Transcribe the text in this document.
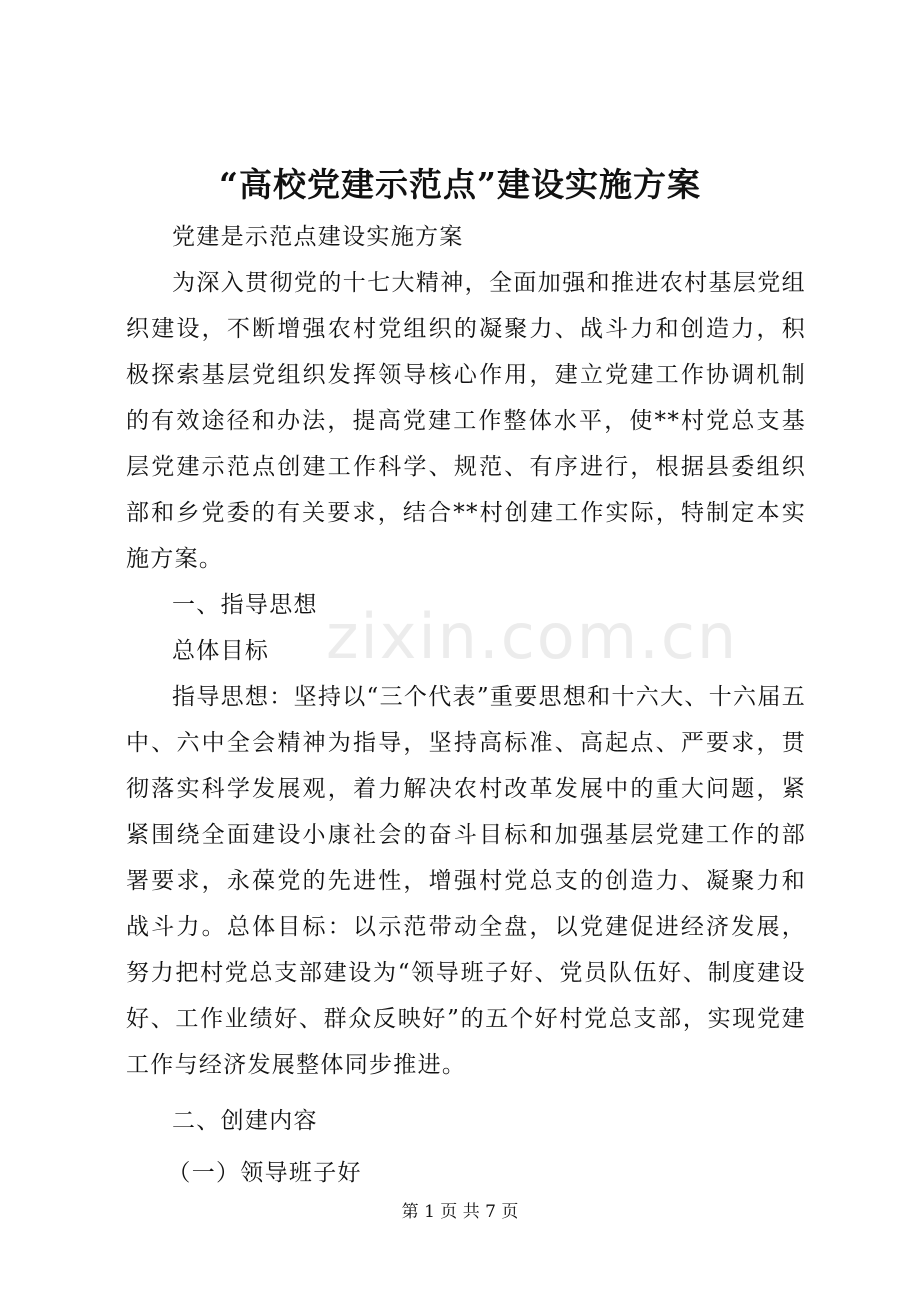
zixin.com.cn
“高校党建示范点”建设实施方案

党建是示范点建设实施方案

为深入贯彻党的十七大精神，全面加强和推进农村基层党组织建设，不断增强农村党组织的凝聚力、战斗力和创造力，积极探索基层党组织发挥领导核心作用，建立党建工作协调机制的有效途径和办法，提高党建工作整体水平，使**村党总支基层党建示范点创建工作科学、规范、有序进行，根据县委组织部和乡党委的有关要求，结合**村创建工作实际，特制定本实施方案。

一、指导思想

总体目标

指导思想：坚持以“三个代表”重要思想和十六大、十六届五中、六中全会精神为指导，坚持高标准、高起点、严要求，贯彻落实科学发展观，着力解决农村改革发展中的重大问题，紧紧围绕全面建设小康社会的奋斗目标和加强基层党建工作的部署要求，永葆党的先进性，增强村党总支的创造力、凝聚力和战斗力。总体目标：以示范带动全盘，以党建促进经济发展，努力把村党总支部建设为“领导班子好、党员队伍好、制度建设好、工作业绩好、群众反映好”的五个好村党总支部，实现党建工作与经济发展整体同步推进。

二、创建内容

（一）领导班子好

第 1 页 共 7 页
